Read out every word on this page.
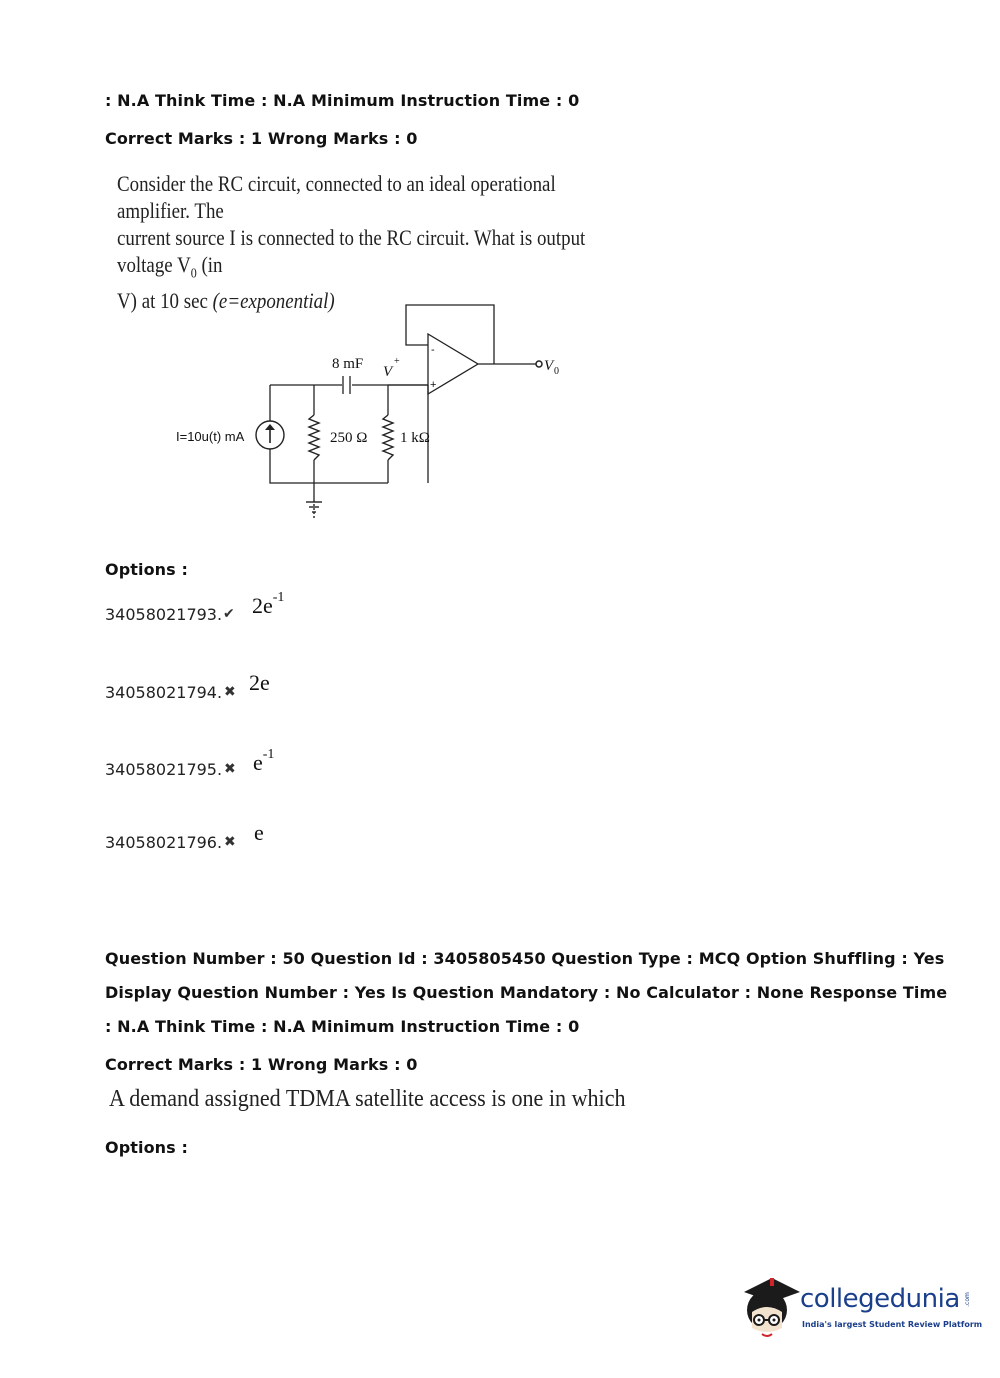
: N.A Think Time : N.A Minimum Instruction Time : 0
Correct Marks : 1 Wrong Marks : 0
Consider the RC circuit, connected to an ideal operational amplifier. The
current source I is connected to the RC circuit. What is output voltage $V_0$ (in
V) at 10 sec (e=exponential)
I=10u(t) mA
8 mF V
+
250 Ω 1 kΩ
-
+
V 0
Options :
34058021793. ✔ $2e^{-1}$
34058021794. ✖ 2e
34058021795. ✖ $e^{-1}$
34058021796. ✖ e
Question Number : 50 Question Id : 3405805450 Question Type : MCQ Option Shuffling : Yes
Display Question Number : Yes Is Question Mandatory : No Calculator : None Response Time
: N.A Think Time : N.A Minimum Instruction Time : 0
Correct Marks : 1 Wrong Marks : 0
A demand assigned TDMA satellite access is one in which
Options :
collegedunia .com
India's largest Student Review Platform
